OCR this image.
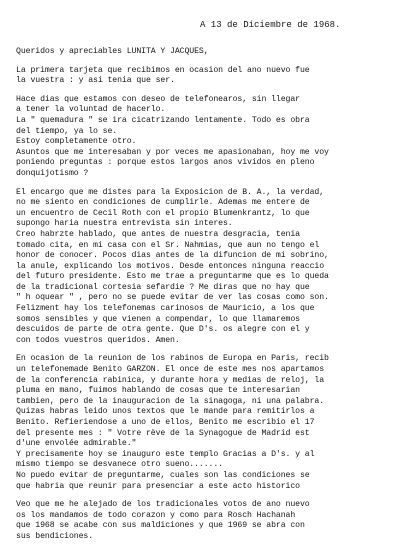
A 13 de Diciembre de 1968.

Queridos y apreciables LUNITA Y JACQUES,

La primera tarjeta que recibimos en ocasion del ano nuevo fue
la vuestra : y asi tenia que ser.

Hace dias que estamos con deseo de telefonearos, sin llegar
a tener la voluntad de hacerlo.
La " quemadura " se ira cicatrizando lentamente. Todo es obra
del tiempo, ya lo se.
Estoy completamente otro.
Asuntos que me interesaban y por veces me apasionaban, hoy me voy
poniendo preguntas : porque estos largos anos vividos en pleno
donquijotismo ?

El encargo que me distes para la Exposicion de B. A., la verdad,
no me siento en condiciones de cumplirle. Ademas me entere de
un encuentro de Cecil Roth con el propio Blumenkrantz, lo que
supongo haria nuestra entrevista sin interes.
Creo habrzte hablado, que antes de nuestra desgracia, tenia
tomado cita, en mi casa con el Sr. Nahmias, que aun no tengo el
honor de conocer. Pocos dias antes de la difuncion de mi sobrino,
la anule, explicando los motivos. Desde entonces ninguna reaccio
del futuro presidente. Esto me trae a preguntarme que es lo queda
de la tradicional cortesia sefardie ? Me diras que no hay que
" h oquear " , pero no se puede evitar de ver las cosas como son.
Felizment hay los telefonemas carinosos de Mauricio, a los que
somos sensibles y que vienen a compendar, lo que llamaremos
descuidos de parte de otra gente. Que D's. os alegre con el y
con todos vuestros queridos. Amen.

En ocasion de la reunion de los rabinos de Europa en Paris, recib
un telefonemade Benito GARZON. El once de este mes nos apartamos
de la conferencia rabinica, y durante hora y medias de reloj, la
pluma en mano, fuimos hablando de cosas que te interesarian
tambien, pero de la inauguracion de la sinagoga, ni una palabra.
Quizas habras leido unos textos que le mande para remitirlos a
Benito. Refieriendose a uno de ellos, Benito me escribio el 17
del presente mes : " Votre rève de la Synagogue de Madrid est
d'une envolée admirable."
Y precisamente hoy se inauguro este templo Gracias a D's. y al
mismo tiempo se desvanece otro sueno.......
No puedo evitar de preguntarme, cuales son las condiciones se
que habria que reunir para presenciar a este acto historico

Veo que me he alejado de los tradicionales votos de ano nuevo
os los mandamos de todo corazon y como para Rosch Hachanah
que 1968 se acabe con sus maldiciones y que 1969 se abra con
sus bendiciones.
